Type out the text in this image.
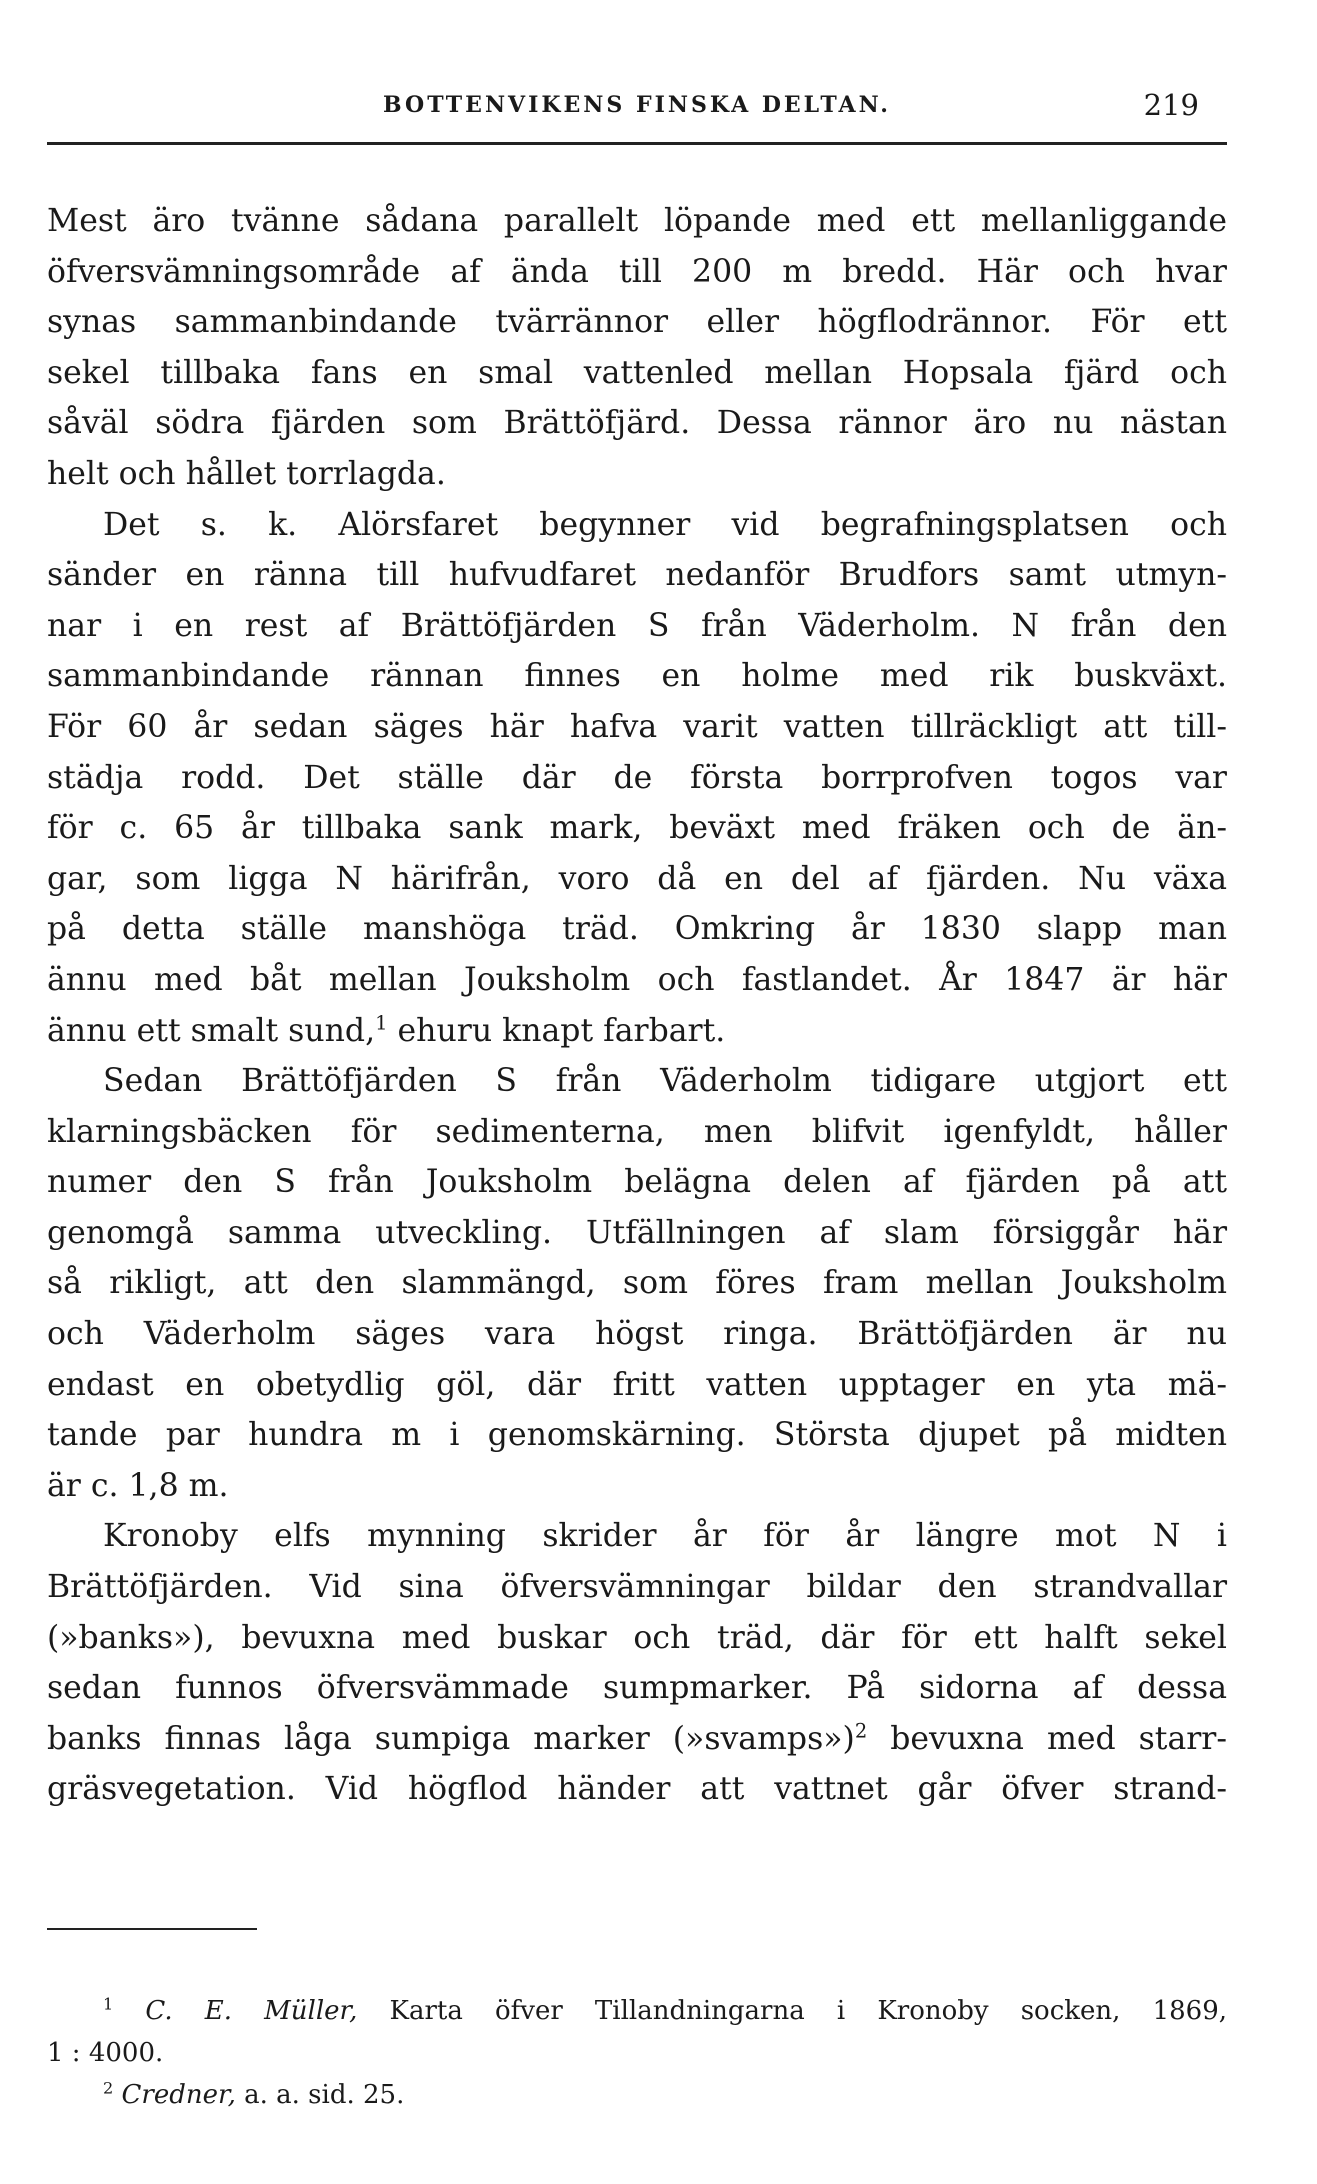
BOTTENVIKENS FINSKA DELTAN.	219
Mest äro tvänne sådana parallelt löpande med ett mellanliggande
öfversvämningsområde af ända till 200 m bredd. Här och hvar
synas sammanbindande tvärrännor eller högflodrännor. För ett
sekel tillbaka fans en smal vattenled mellan Hopsala fjärd och
såväl södra fjärden som Brättöfjärd. Dessa rännor äro nu nästan
helt och hållet torrlagda.
Det s. k. Alörsfaret begynner vid begrafningsplatsen och
sänder en ränna till hufvudfaret nedanför Brudfors samt utmyn-
nar i en rest af Brättöfjärden S från Väderholm. N från den
sammanbindande rännan finnes en holme med rik buskväxt.
För 60 år sedan säges här hafva varit vatten tillräckligt att till-
städja rodd. Det ställe där de första borrprofven togos var
för c. 65 år tillbaka sank mark, beväxt med fräken och de än-
gar, som ligga N härifrån, voro då en del af fjärden. Nu växa
på detta ställe manshöga träd. Omkring år 1830 slapp man
ännu med båt mellan Jouksholm och fastlandet. År 1847 är här
ännu ett smalt sund,$^1$ ehuru knapt farbart.
Sedan Brättöfjärden S från Väderholm tidigare utgjort ett
klarningsbäcken för sedimenterna, men blifvit igenfyldt, håller
numer den S från Jouksholm belägna delen af fjärden på att
genomgå samma utveckling. Utfällningen af slam försiggår här
så rikligt, att den slammängd, som föres fram mellan Jouksholm
och Väderholm säges vara högst ringa. Brättöfjärden är nu
endast en obetydlig göl, där fritt vatten upptager en yta mä-
tande par hundra m i genomskärning. Största djupet på midten
är c. 1,8 m.
Kronoby elfs mynning skrider år för år längre mot N i
Brättöfjärden. Vid sina öfversvämningar bildar den strandvallar
(»banks»), bevuxna med buskar och träd, där för ett halft sekel
sedan funnos öfversvämmade sumpmarker. På sidorna af dessa
banks finnas låga sumpiga marker (»svamps»)$^2$ bevuxna med starr-
gräsvegetation. Vid högflod händer att vattnet går öfver strand-
$^1$ C. E. Müller, Karta öfver Tillandningarna i Kronoby socken, 1869,
1 : 4000.
$^2$ Credner, a. a. sid. 25.
